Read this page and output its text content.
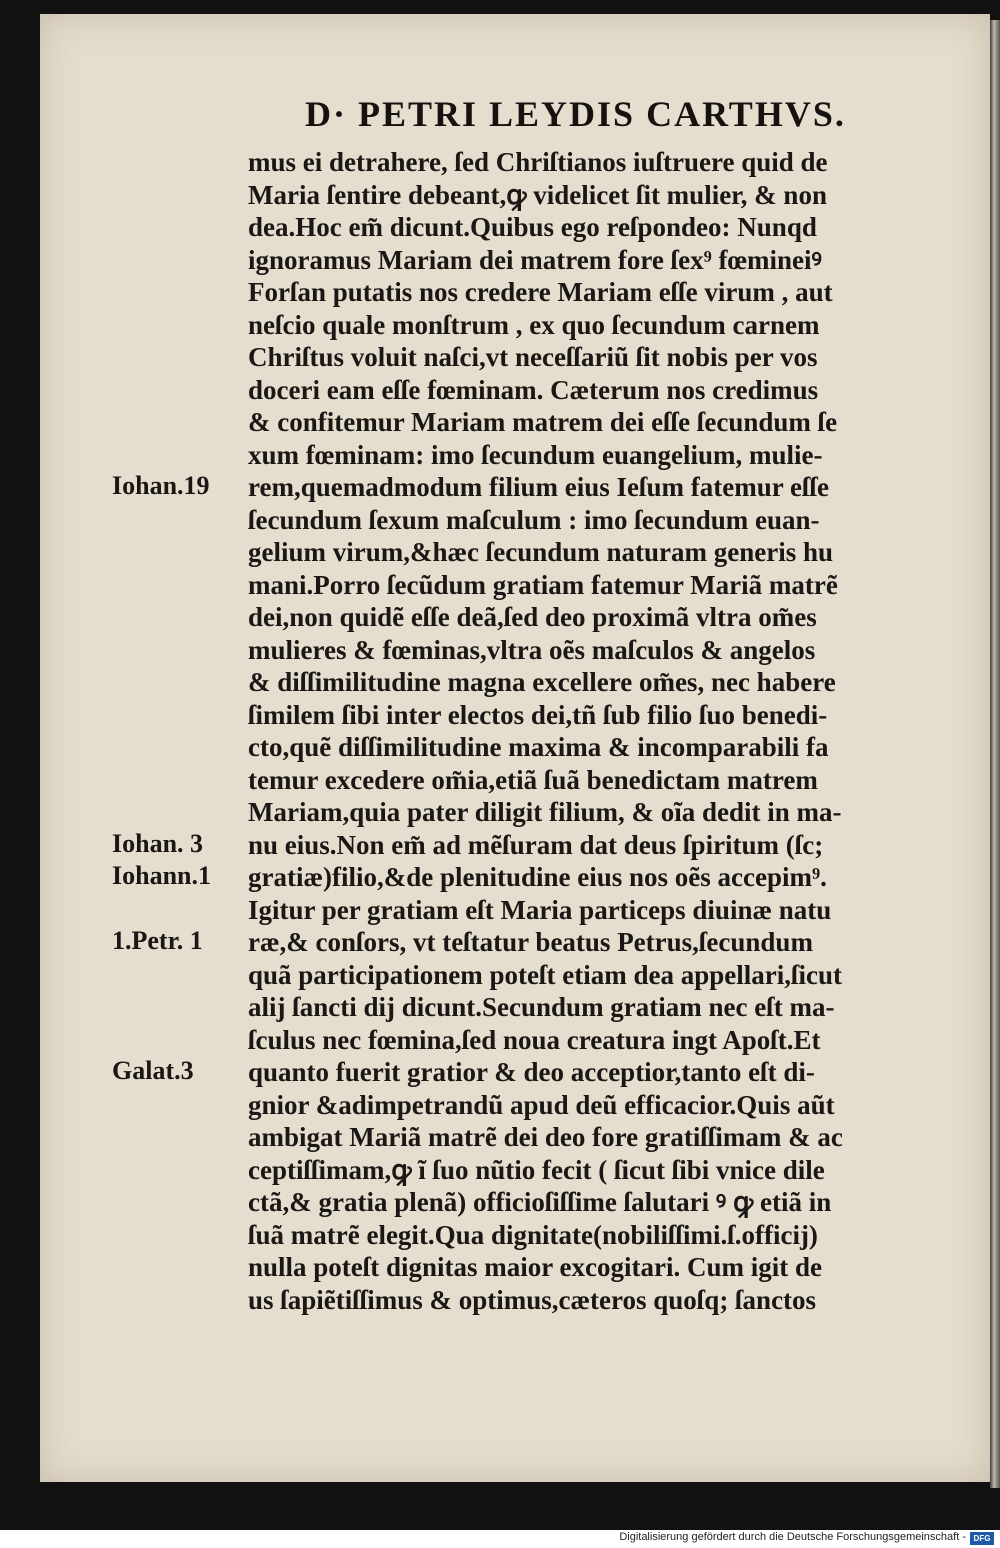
D· PETRI LEYDIS CARTHVS.
mus ei detrahere, ſed Chriſtianos iuſtruere quid de
Maria ſentire debeant,ꝙ videlicet ſit mulier, & non
dea.Hoc em̃ dicunt.Quibus ego reſpondeo: Nunqd
ignoramus Mariam dei matrem fore ſex⁹ fœmineiꝰ
Forſan putatis nos credere Mariam eſſe virum , aut
neſcio quale monſtrum , ex quo ſecundum carnem
Chriſtus voluit naſci,vt neceſſariũ ſit nobis per vos
doceri eam eſſe fœminam. Cæterum nos credimus
& confitemur Mariam matrem dei eſſe ſecundum ſe
xum fœminam: imo ſecundum euangelium, mulie-
rem,quemadmodum filium eius Ieſum fatemur eſſe
ſecundum ſexum maſculum : imo ſecundum euan-
gelium virum,&hæc ſecundum naturam generis hu
mani.Porro ſecũdum gratiam fatemur Mariã matrẽ
dei,non quidẽ eſſe deã,ſed deo proximã vltra om̃es
mulieres & fœminas,vltra oẽs maſculos & angelos
& diſſimilitudine magna excellere om̃es, nec habere
ſimilem ſibi inter electos dei,tñ ſub filio ſuo benedi-
cto,quẽ diſſimilitudine maxima & incomparabili fa
temur excedere om̃ia,etiã ſuã benedictam matrem
Mariam,quia pater diligit filium, & oĩa dedit in ma-
nu eius.Non em̃ ad mẽſuram dat deus ſpiritum (ſc;
gratiæ)filio,&de plenitudine eius nos oẽs accepim⁹.
Igitur per gratiam eſt Maria particeps diuinæ natu
ræ,& conſors, vt teſtatur beatus Petrus,ſecundum
quã participationem poteſt etiam dea appellari,ſicut
alij ſancti dij dicunt.Secundum gratiam nec eſt ma-
ſculus nec fœmina,ſed noua creatura ingt Apoſt.Et
quanto fuerit gratior & deo acceptior,tanto eſt di-
gnior &adimpetrandũ apud deũ efficacior.Quis aũt
ambigat Mariã matrẽ dei deo fore gratiſſimam & ac
ceptiſſimam,ꝙ ĩ ſuo nũtio fecit ( ſicut ſibi vnice dile
ctã,& gratia plenã) officioſiſſime ſalutari ꝰ ꝙ etiã in
ſuã matrẽ elegit.Qua dignitate(nobiliſſimi.ſ.officij)
nulla poteſt dignitas maior excogitari. Cum igit de
us ſapiẽtiſſimus & optimus,cæteros quoſq; ſanctos
Iohan.19
Iohan. 3
Iohann.1
1.Petr. 1
Galat.3
Digitalisierung gefördert durch die Deutsche Forschungsgemeinschaft - DFG
